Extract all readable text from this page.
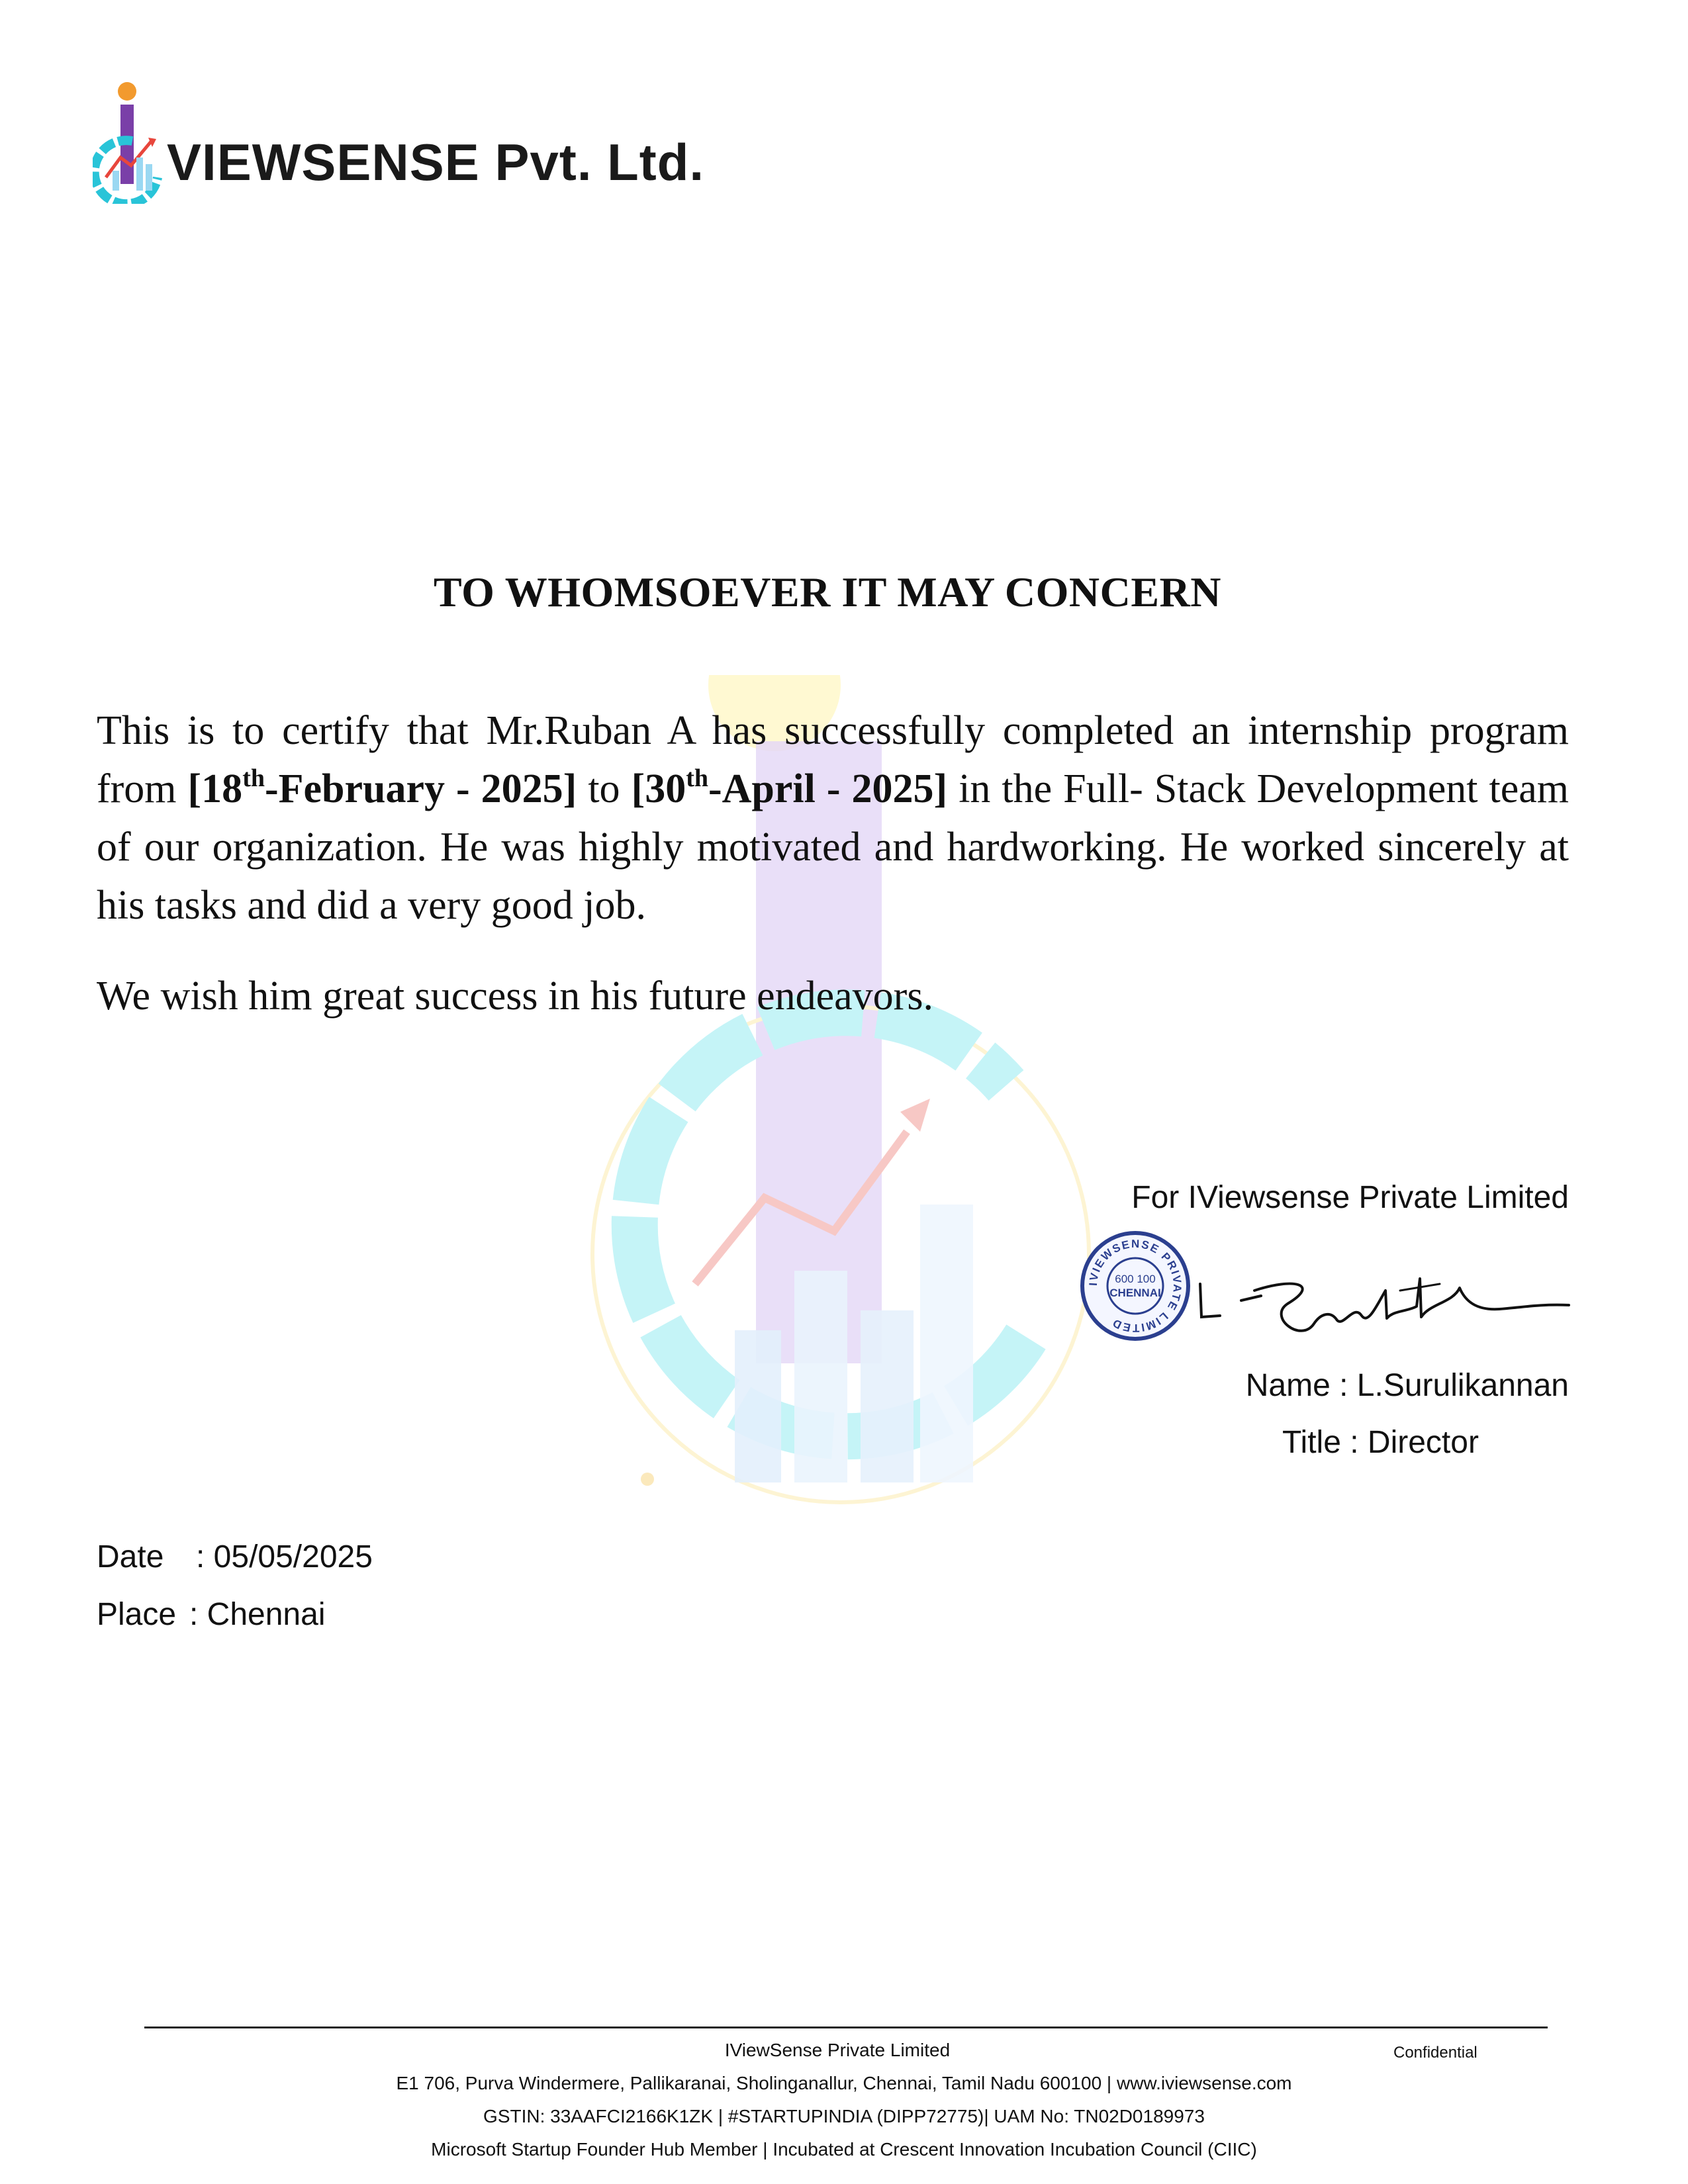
VIEWSENSE Pvt. Ltd.
TO WHOMSOEVER IT MAY CONCERN
This is to certify that Mr.Ruban A has successfully completed an internship program from [18th-February - 2025] to [30th-April - 2025] in the Full- Stack Development team of our organization. He was highly motivated and hardworking. He worked sincerely at his tasks and did a very good job.
We wish him great success in his future endeavors.
For IViewsense Private Limited
IVIEWSENSE PRIVATE LIMITED
600 100
CHENNAI
Name : L.Surulikannan
Title : Director
Date : 05/05/2025
Place : Chennai
IViewSense Private Limited	Confidential
E1 706, Purva Windermere, Pallikaranai, Sholinganallur, Chennai, Tamil Nadu 600100 | www.iviewsense.com
GSTIN: 33AAFCI2166K1ZK | #STARTUPINDIA (DIPP72775)| UAM No: TN02D0189973
Microsoft Startup Founder Hub Member | Incubated at Crescent Innovation Incubation Council (CIIC)
